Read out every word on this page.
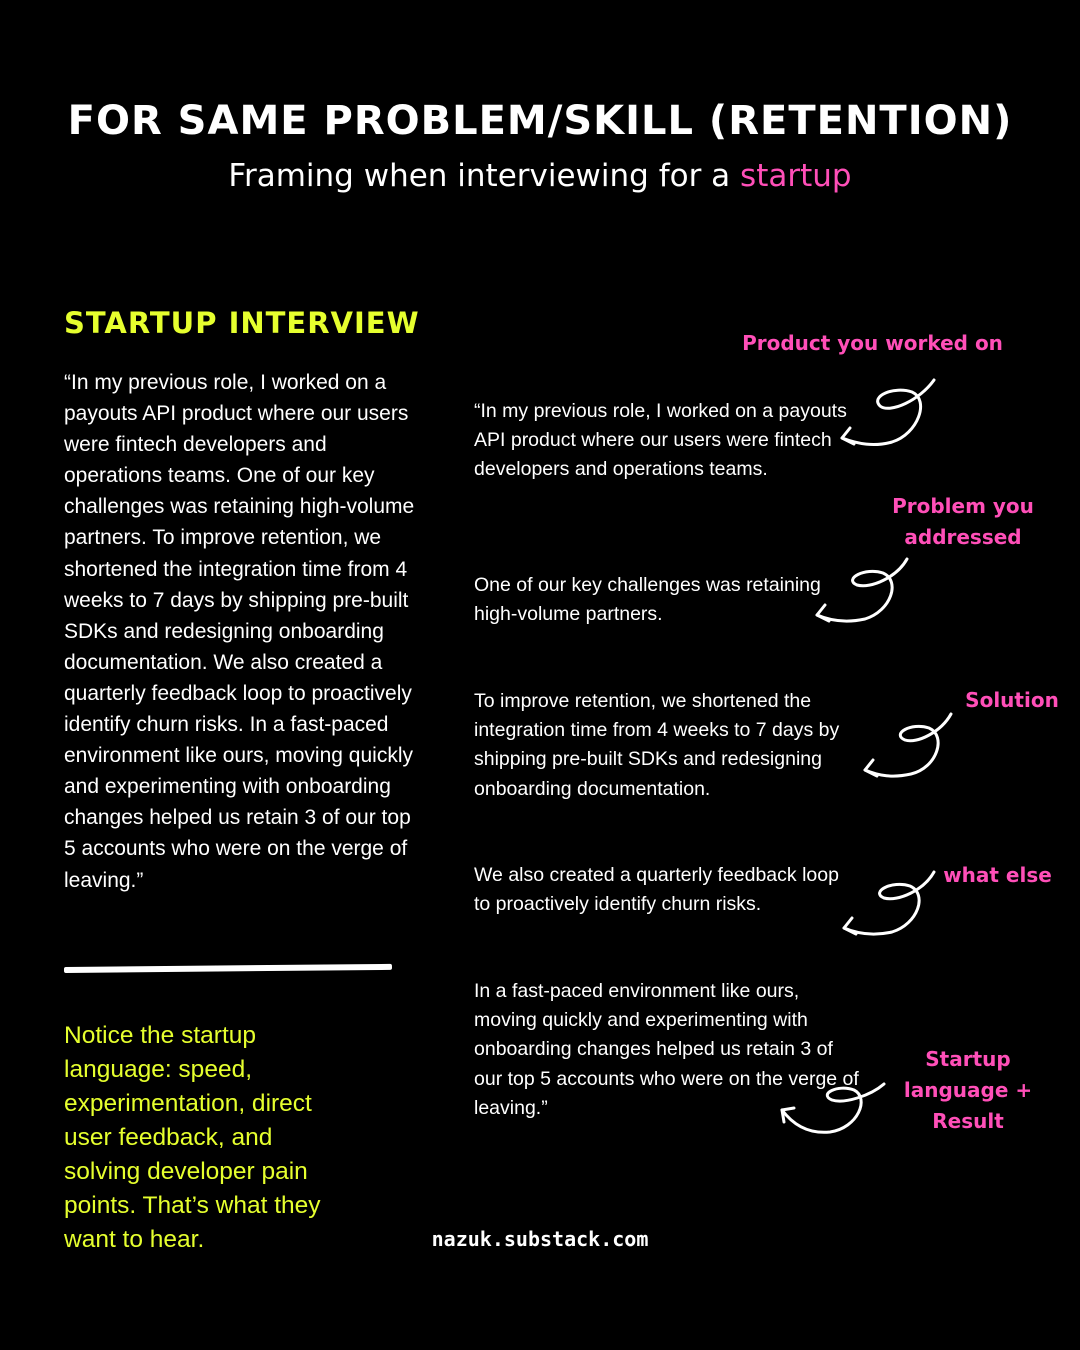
FOR SAME PROBLEM/SKILL (RETENTION)
Framing when interviewing for a startup
STARTUP INTERVIEW
“In my previous role, I worked on a payouts API product where our users were fintech developers and operations teams. One of our key challenges was retaining high-volume partners. To improve retention, we shortened the integration time from 4 weeks to 7 days by shipping pre-built SDKs and redesigning onboarding documentation. We also created a quarterly feedback loop to proactively identify churn risks. In a fast-paced environment like ours, moving quickly and experimenting with onboarding changes helped us retain 3 of our top 5 accounts who were on the verge of leaving.”
Notice the startup language: speed, experimentation, direct user feedback, and solving developer pain points. That’s what they want to hear.
“In my previous role, I worked on a payouts API product where our users were fintech developers and operations teams.
One of our key challenges was retaining high-volume partners.
To improve retention, we shortened the integration time from 4 weeks to 7 days by shipping pre-built SDKs and redesigning onboarding documentation.
We also created a quarterly feedback loop to proactively identify churn risks.
In a fast-paced environment like ours, moving quickly and experimenting with onboarding changes helped us retain 3 of our top 5 accounts who were on the verge of leaving.”
Product you worked on
Problem you addressed
Solution
what else
Startup language + Result
nazuk.substack.com
